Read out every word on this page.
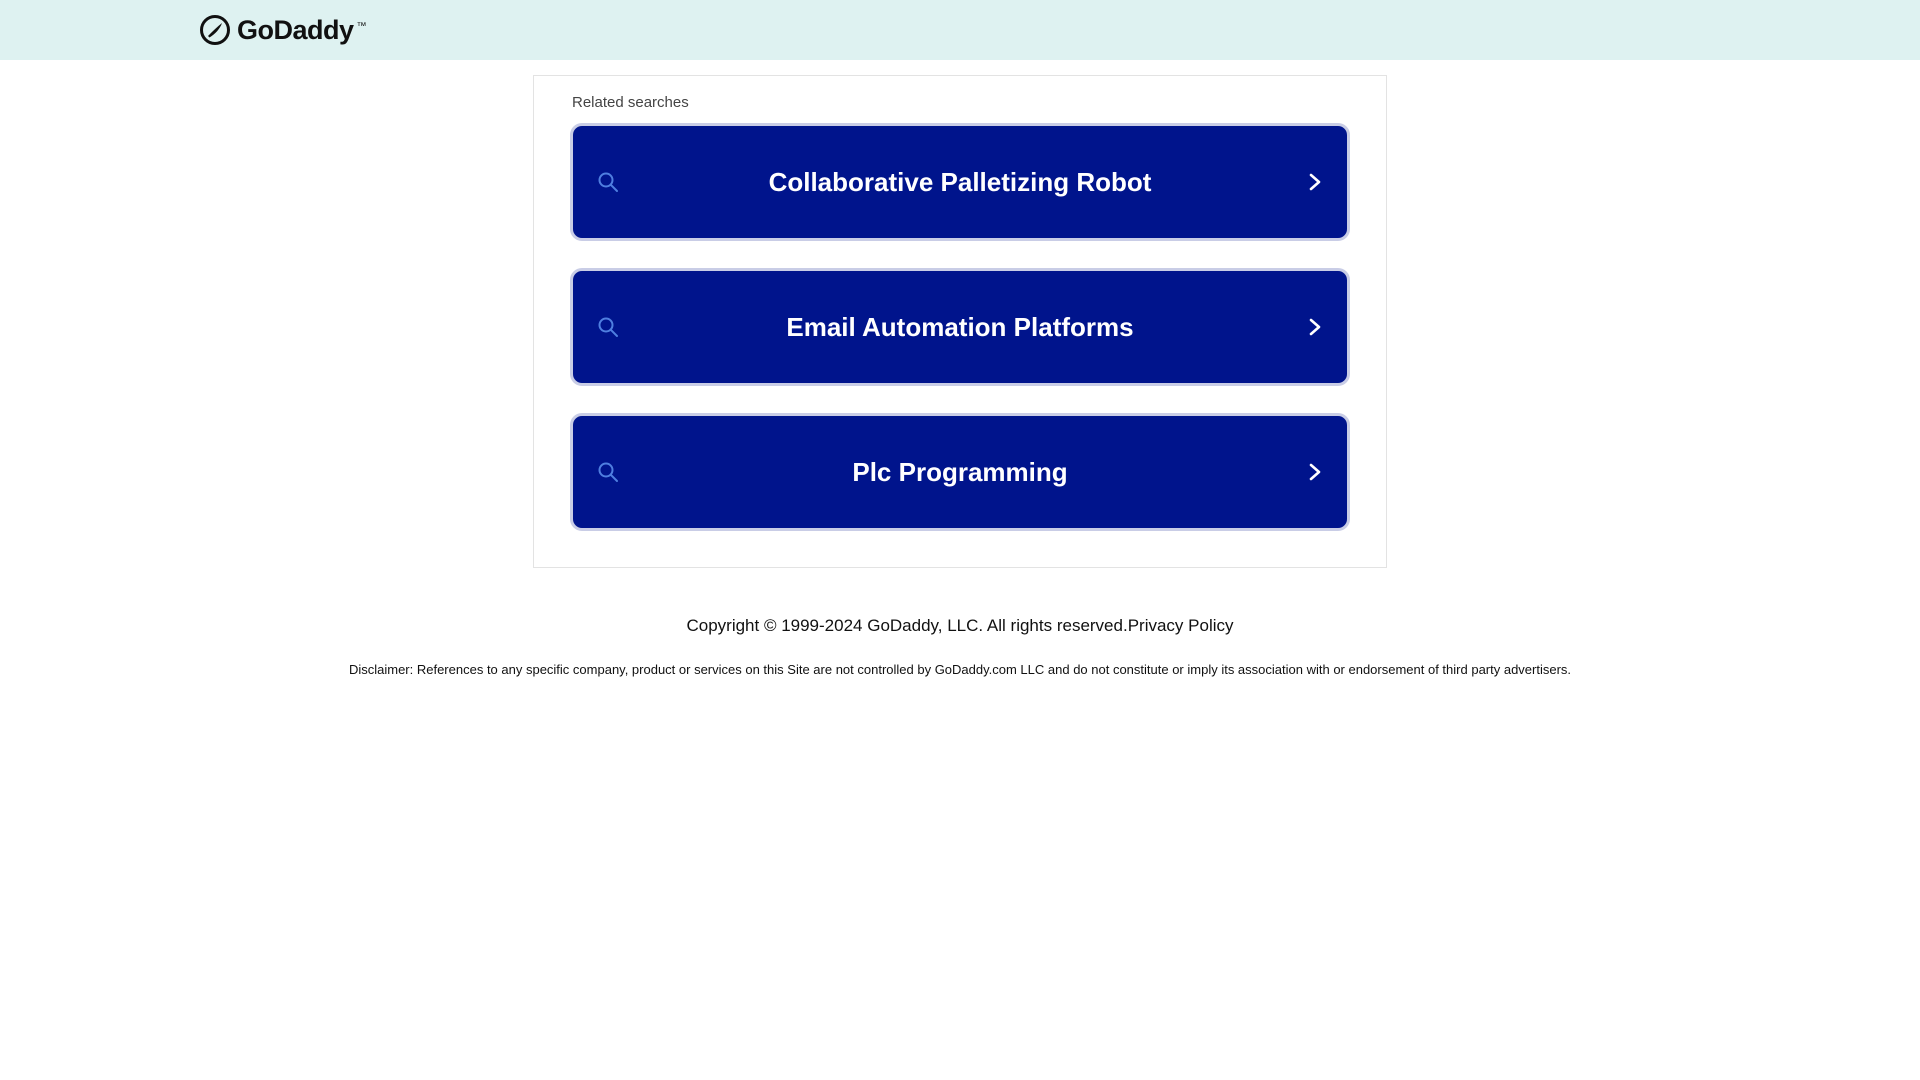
GoDaddy ™
Related searches
Collaborative Palletizing Robot
Email Automation Platforms
Plc Programming
Copyright © 1999-2024 GoDaddy, LLC. All rights reserved.Privacy Policy
Disclaimer: References to any specific company, product or services on this Site are not controlled by GoDaddy.com LLC and do not constitute or imply its association with or endorsement of third party advertisers.
